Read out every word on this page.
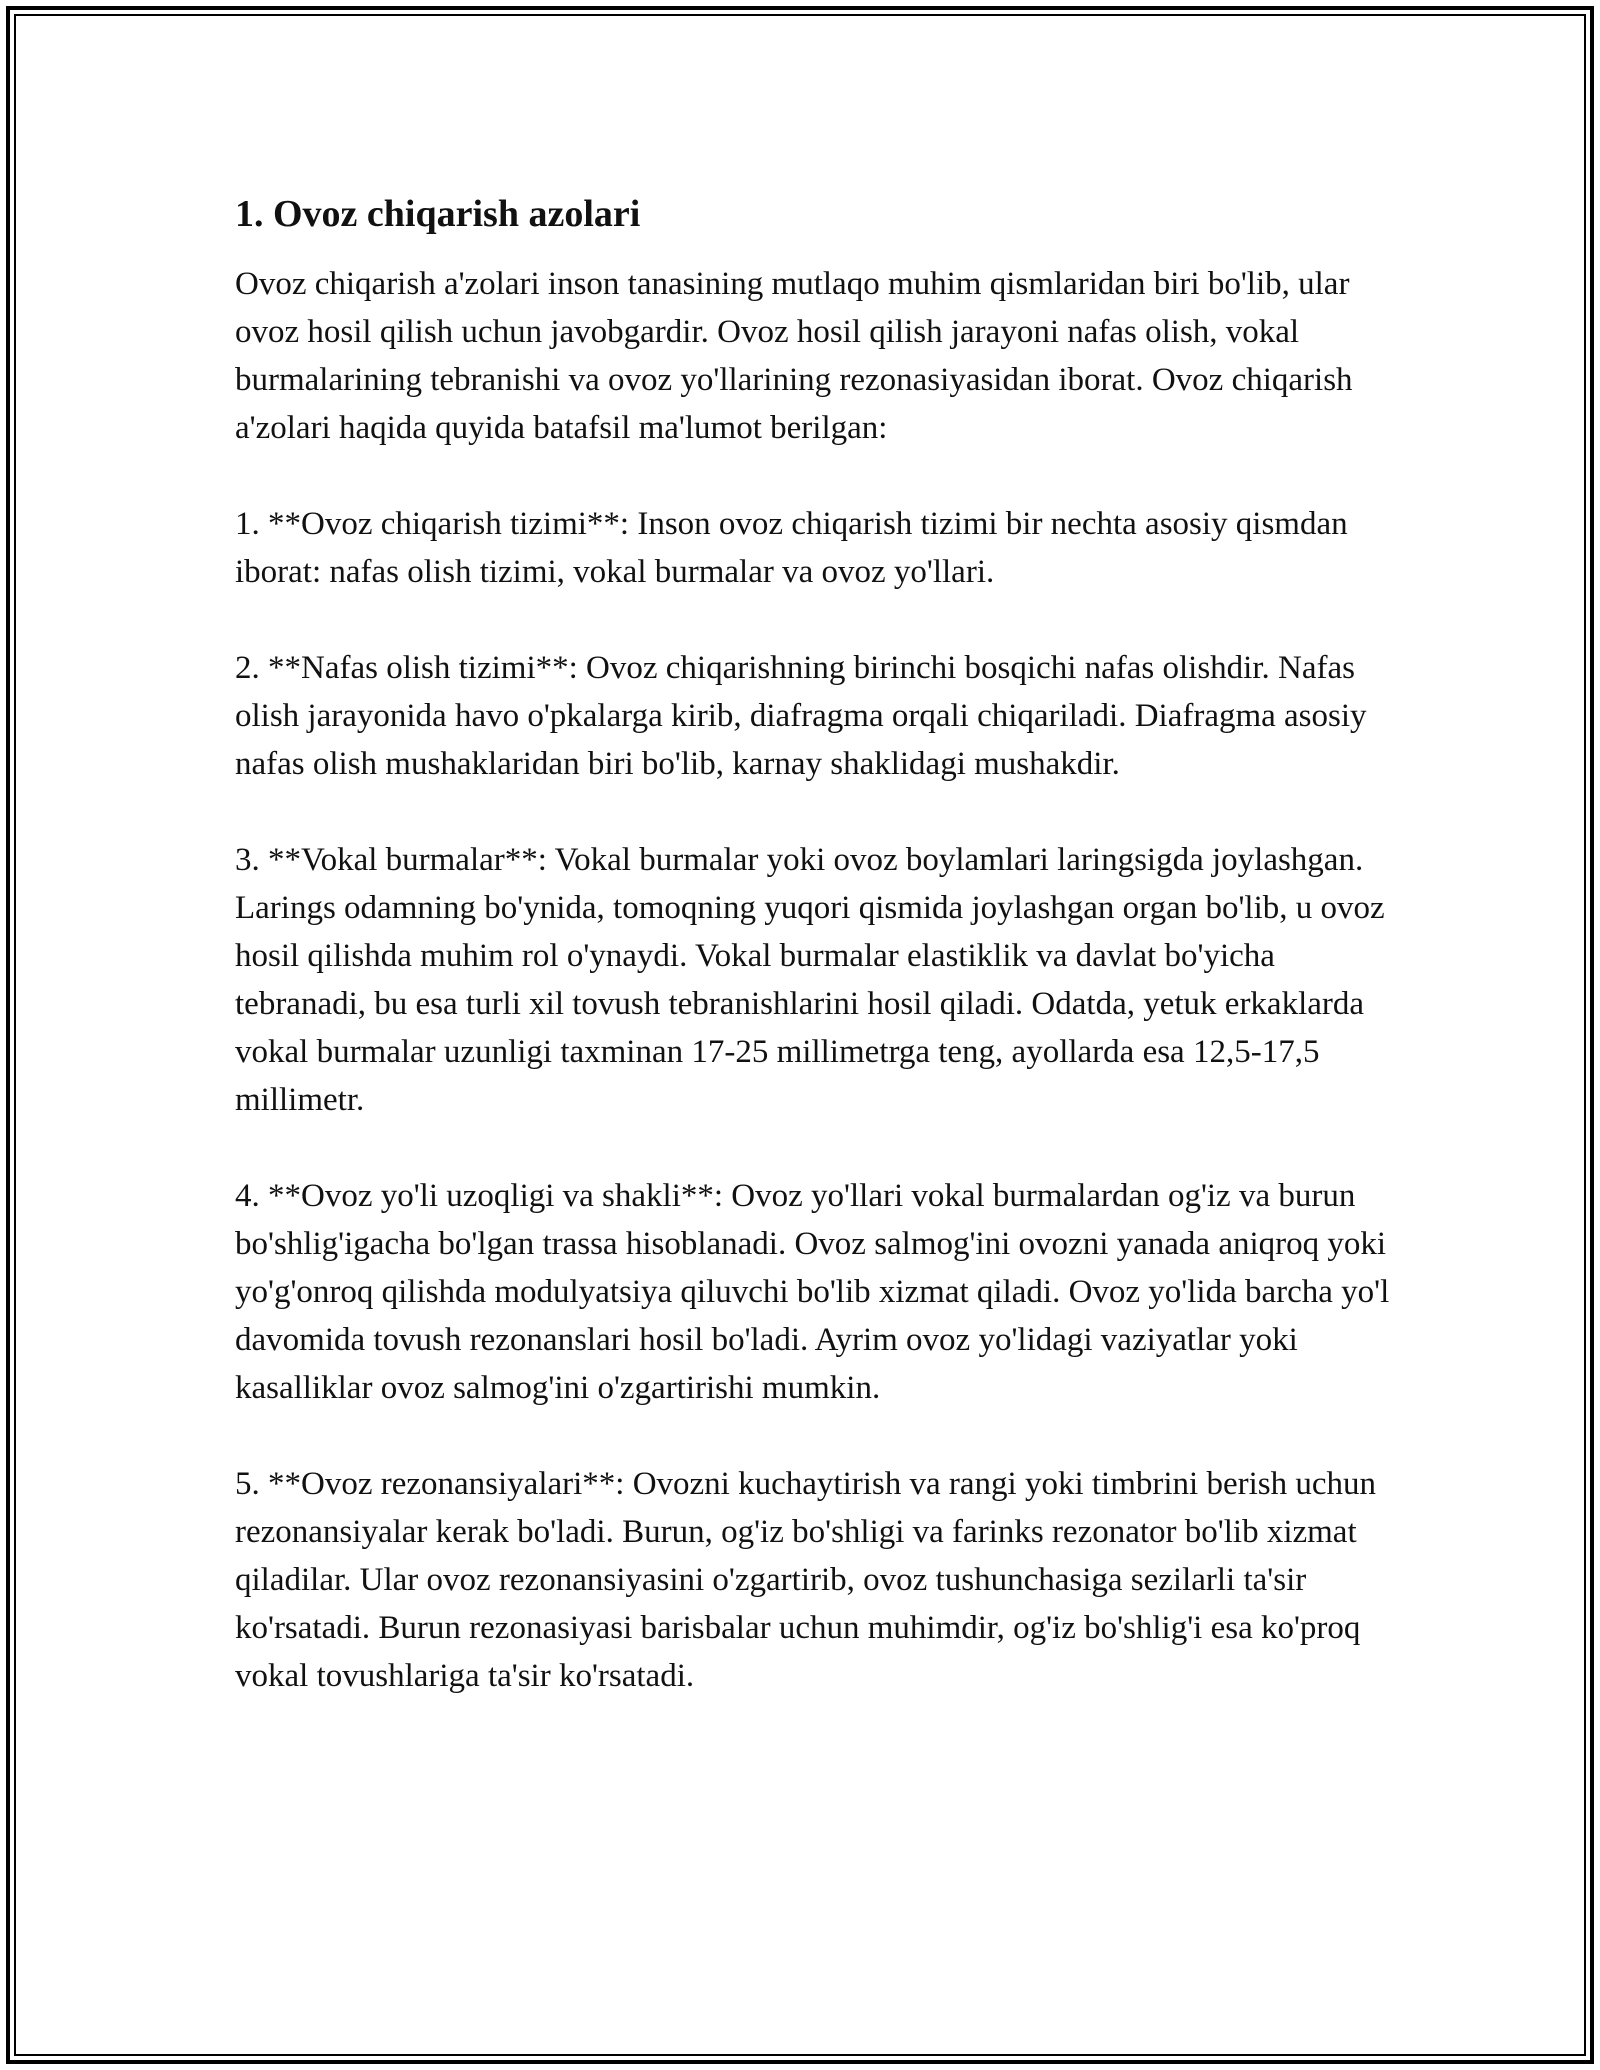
1. Ovoz chiqarish azolari

Ovoz chiqarish a'zolari inson tanasining mutlaqo muhim qismlaridan biri bo'lib, ular ovoz hosil qilish uchun javobgardir. Ovoz hosil qilish jarayoni nafas olish, vokal burmalarining tebranishi va ovoz yo'llarining rezonasiyasidan iborat. Ovoz chiqarish a'zolari haqida quyida batafsil ma'lumot berilgan:

1. **Ovoz chiqarish tizimi**: Inson ovoz chiqarish tizimi bir nechta asosiy qismdan iborat: nafas olish tizimi, vokal burmalar va ovoz yo'llari.

2. **Nafas olish tizimi**: Ovoz chiqarishning birinchi bosqichi nafas olishdir. Nafas olish jarayonida havo o'pkalarga kirib, diafragma orqali chiqariladi. Diafragma asosiy nafas olish mushaklaridan biri bo'lib, karnay shaklidagi mushakdir.

3. **Vokal burmalar**: Vokal burmalar yoki ovoz boylamlari laringsigda joylashgan. Larings odamning bo'ynida, tomoqning yuqori qismida joylashgan organ bo'lib, u ovoz hosil qilishda muhim rol o'ynaydi. Vokal burmalar elastiklik va davlat bo'yicha tebranadi, bu esa turli xil tovush tebranishlarini hosil qiladi. Odatda, yetuk erkaklarda vokal burmalar uzunligi taxminan 17-25 millimetrga teng, ayollarda esa 12,5-17,5 millimetr.

4. **Ovoz yo'li uzoqligi va shakli**: Ovoz yo'llari vokal burmalardan og'iz va burun bo'shlig'igacha bo'lgan trassa hisoblanadi. Ovoz salmog'ini ovozni yanada aniqroq yoki yo'g'onroq qilishda modulyatsiya qiluvchi bo'lib xizmat qiladi. Ovoz yo'lida barcha yo'l davomida tovush rezonanslari hosil bo'ladi. Ayrim ovoz yo'lidagi vaziyatlar yoki kasalliklar ovoz salmog'ini o'zgartirishi mumkin.

5. **Ovoz rezonansiyalari**: Ovozni kuchaytirish va rangi yoki timbrini berish uchun rezonansiyalar kerak bo'ladi. Burun, og'iz bo'shligi va farinks rezonator bo'lib xizmat qiladilar. Ular ovoz rezonansiyasini o'zgartirib, ovoz tushunchasiga sezilarli ta'sir ko'rsatadi. Burun rezonasiyasi barisbalar uchun muhimdir, og'iz bo'shlig'i esa ko'proq vokal tovushlariga ta'sir ko'rsatadi.
